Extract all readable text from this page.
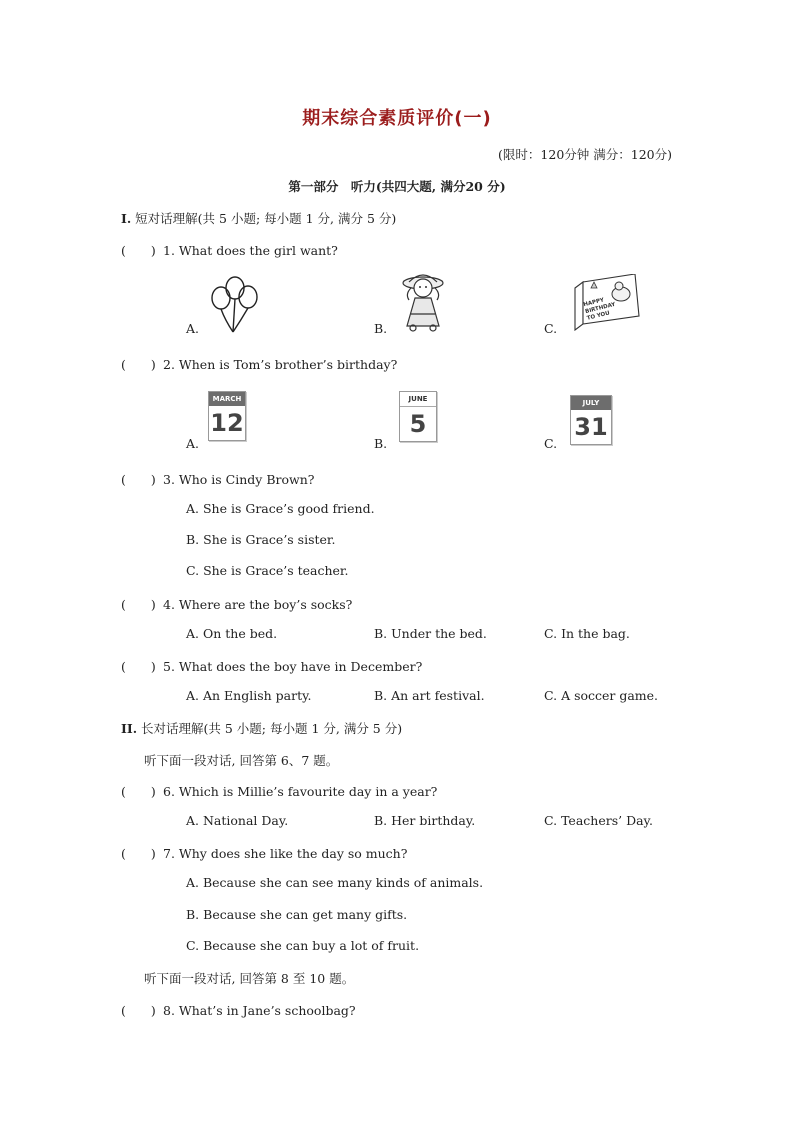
期末综合素质评价(一)
(限时：120分钟 满分：120分)
第一部分　听力(共四大题, 满分20 分)
I. 短对话理解(共 5 小题; 每小题 1 分, 满分 5 分)
(　　) 1. What does the girl want?
A.	B.	C.
HAPPY BIRTHDAY TO YOU
(　　) 2. When is Tom’s brother’s birthday?
A.	B.	C.
MARCH
12
JUNE
5
JULY
31
(　　) 3. Who is Cindy Brown?
A. She is Grace’s good friend.
B. She is Grace’s sister.
C. She is Grace’s teacher.
(　　) 4. Where are the boy’s socks?
A. On the bed.	B. Under the bed.	C. In the bag.
(　　) 5. What does the boy have in December?
A. An English party.	B. An art festival.	C. A soccer game.
II. 长对话理解(共 5 小题; 每小题 1 分, 满分 5 分)
听下面一段对话, 回答第 6、7 题。
(　　) 6. Which is Millie’s favourite day in a year?
A. National Day.	B. Her birthday.	C. Teachers’ Day.
(　　) 7. Why does she like the day so much?
A. Because she can see many kinds of animals.
B. Because she can get many gifts.
C. Because she can buy a lot of fruit.
听下面一段对话, 回答第 8 至 10 题。
(　　) 8. What’s in Jane’s schoolbag?
